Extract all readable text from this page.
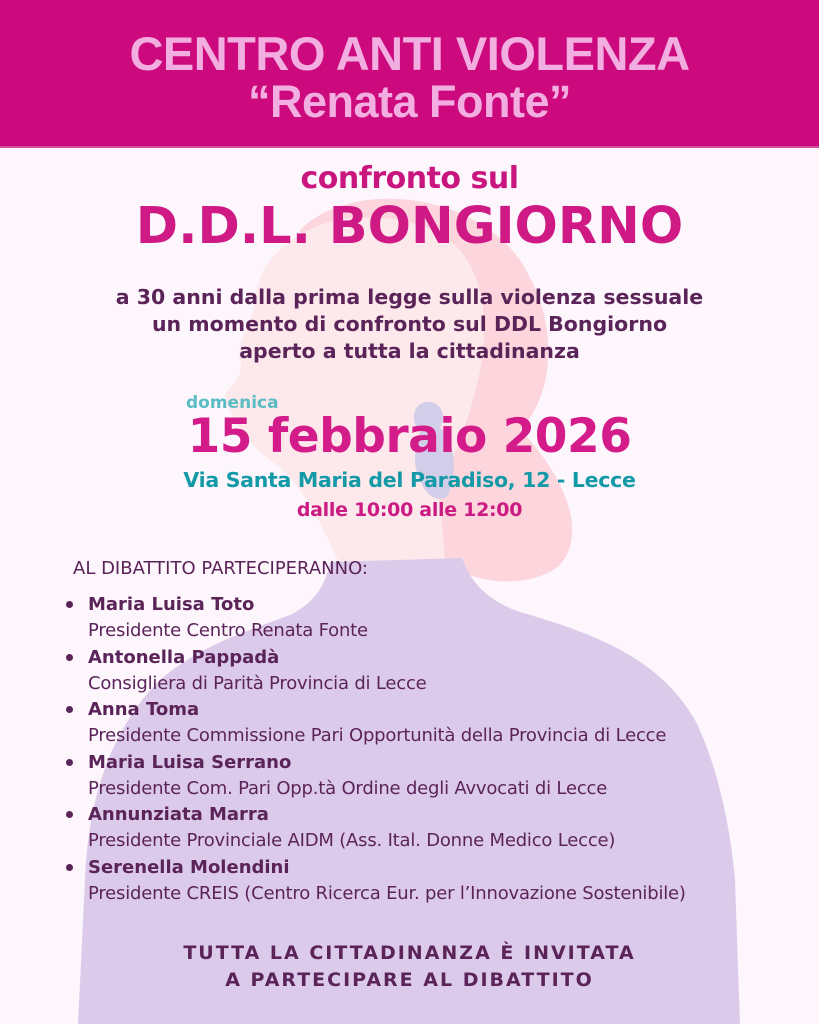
CENTRO ANTI VIOLENZA
“Renata Fonte”
confronto sul
D.D.L. BONGIORNO
a 30 anni dalla prima legge sulla violenza sessuale
un momento di confronto sul DDL Bongiorno
aperto a tutta la cittadinanza
domenica
15 febbraio 2026
Via Santa Maria del Paradiso, 12 - Lecce
dalle 10:00 alle 12:00
AL DIBATTITO PARTECIPERANNO:
Maria Luisa Toto
Presidente Centro Renata Fonte
Antonella Pappadà
Consigliera di Parità Provincia di Lecce
Anna Toma
Presidente Commissione Pari Opportunità della Provincia di Lecce
Maria Luisa Serrano
Presidente Com. Pari Opp.tà Ordine degli Avvocati di Lecce
Annunziata Marra
Presidente Provinciale AIDM (Ass. Ital. Donne Medico Lecce)
Serenella Molendini
Presidente CREIS (Centro Ricerca Eur. per l’Innovazione Sostenibile)
TUTTA LA CITTADINANZA È INVITATA
A PARTECIPARE AL DIBATTITO
